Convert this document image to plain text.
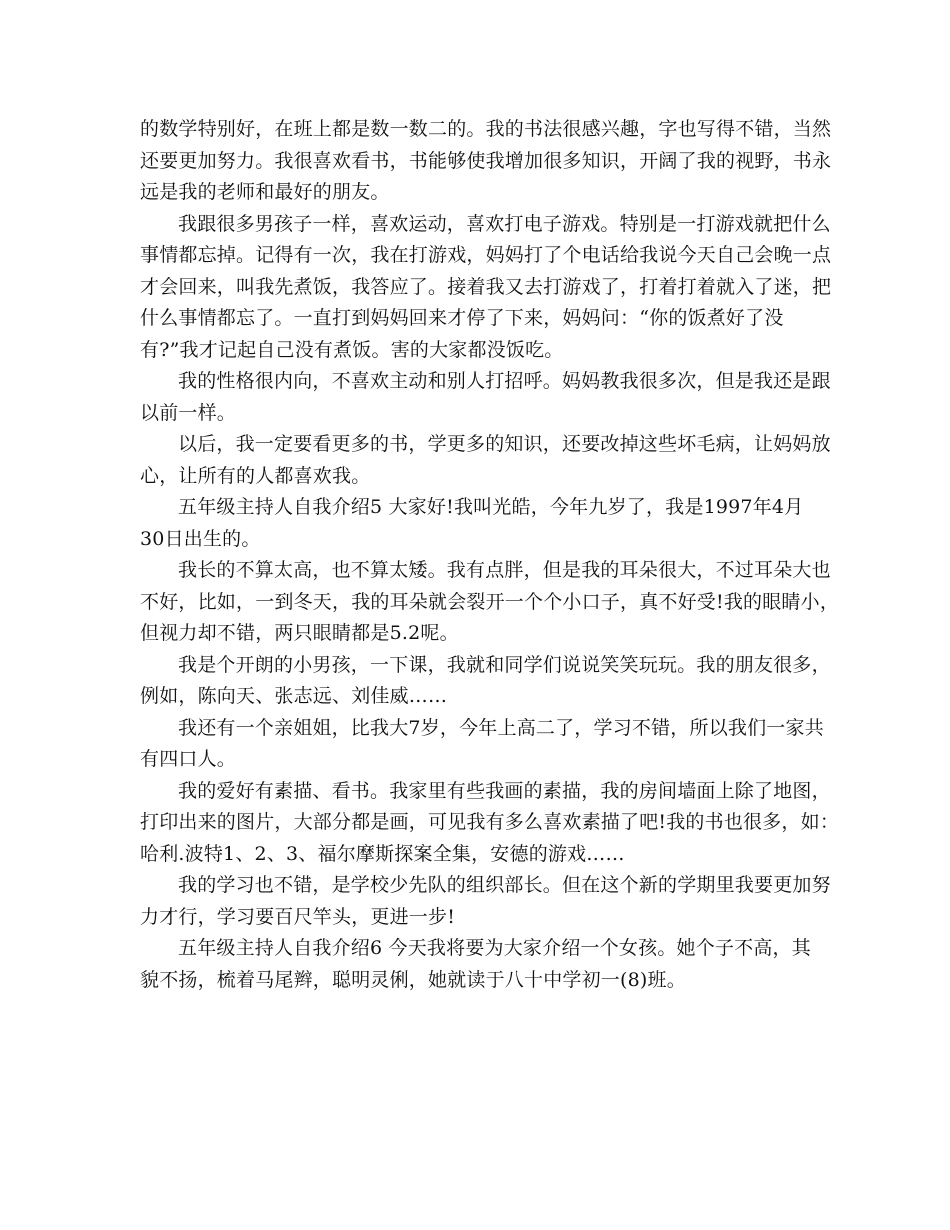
的数学特别好，在班上都是数一数二的。我的书法很感兴趣，字也写得不错，当然
还要更加努力。我很喜欢看书，书能够使我增加很多知识，开阔了我的视野，书永
远是我的老师和最好的朋友。
我跟很多男孩子一样，喜欢运动，喜欢打电子游戏。特别是一打游戏就把什么
事情都忘掉。记得有一次，我在打游戏，妈妈打了个电话给我说今天自己会晚一点
才会回来，叫我先煮饭，我答应了。接着我又去打游戏了，打着打着就入了迷，把
什么事情都忘了。一直打到妈妈回来才停了下来，妈妈问：“你的饭煮好了没
有?”我才记起自己没有煮饭。害的大家都没饭吃。
我的性格很内向，不喜欢主动和别人打招呼。妈妈教我很多次，但是我还是跟
以前一样。
以后，我一定要看更多的书，学更多的知识，还要改掉这些坏毛病，让妈妈放
心，让所有的人都喜欢我。
五年级主持人自我介绍5 大家好!我叫光皓，今年九岁了，我是1997年4月
30日出生的。
我长的不算太高，也不算太矮。我有点胖，但是我的耳朵很大，不过耳朵大也
不好，比如，一到冬天，我的耳朵就会裂开一个个小口子，真不好受!我的眼睛小，
但视力却不错，两只眼睛都是5.2呢。
我是个开朗的小男孩，一下课，我就和同学们说说笑笑玩玩。我的朋友很多，
例如，陈向天、张志远、刘佳威……
我还有一个亲姐姐，比我大7岁，今年上高二了，学习不错，所以我们一家共
有四口人。
我的爱好有素描、看书。我家里有些我画的素描，我的房间墙面上除了地图，
打印出来的图片，大部分都是画，可见我有多么喜欢素描了吧!我的书也很多，如：
哈利.波特1、2、3、福尔摩斯探案全集，安德的游戏……
我的学习也不错，是学校少先队的组织部长。但在这个新的学期里我要更加努
力才行，学习要百尺竿头，更进一步!
五年级主持人自我介绍6 今天我将要为大家介绍一个女孩。她个子不高，其
貌不扬，梳着马尾辫，聪明灵俐，她就读于八十中学初一(8)班。
